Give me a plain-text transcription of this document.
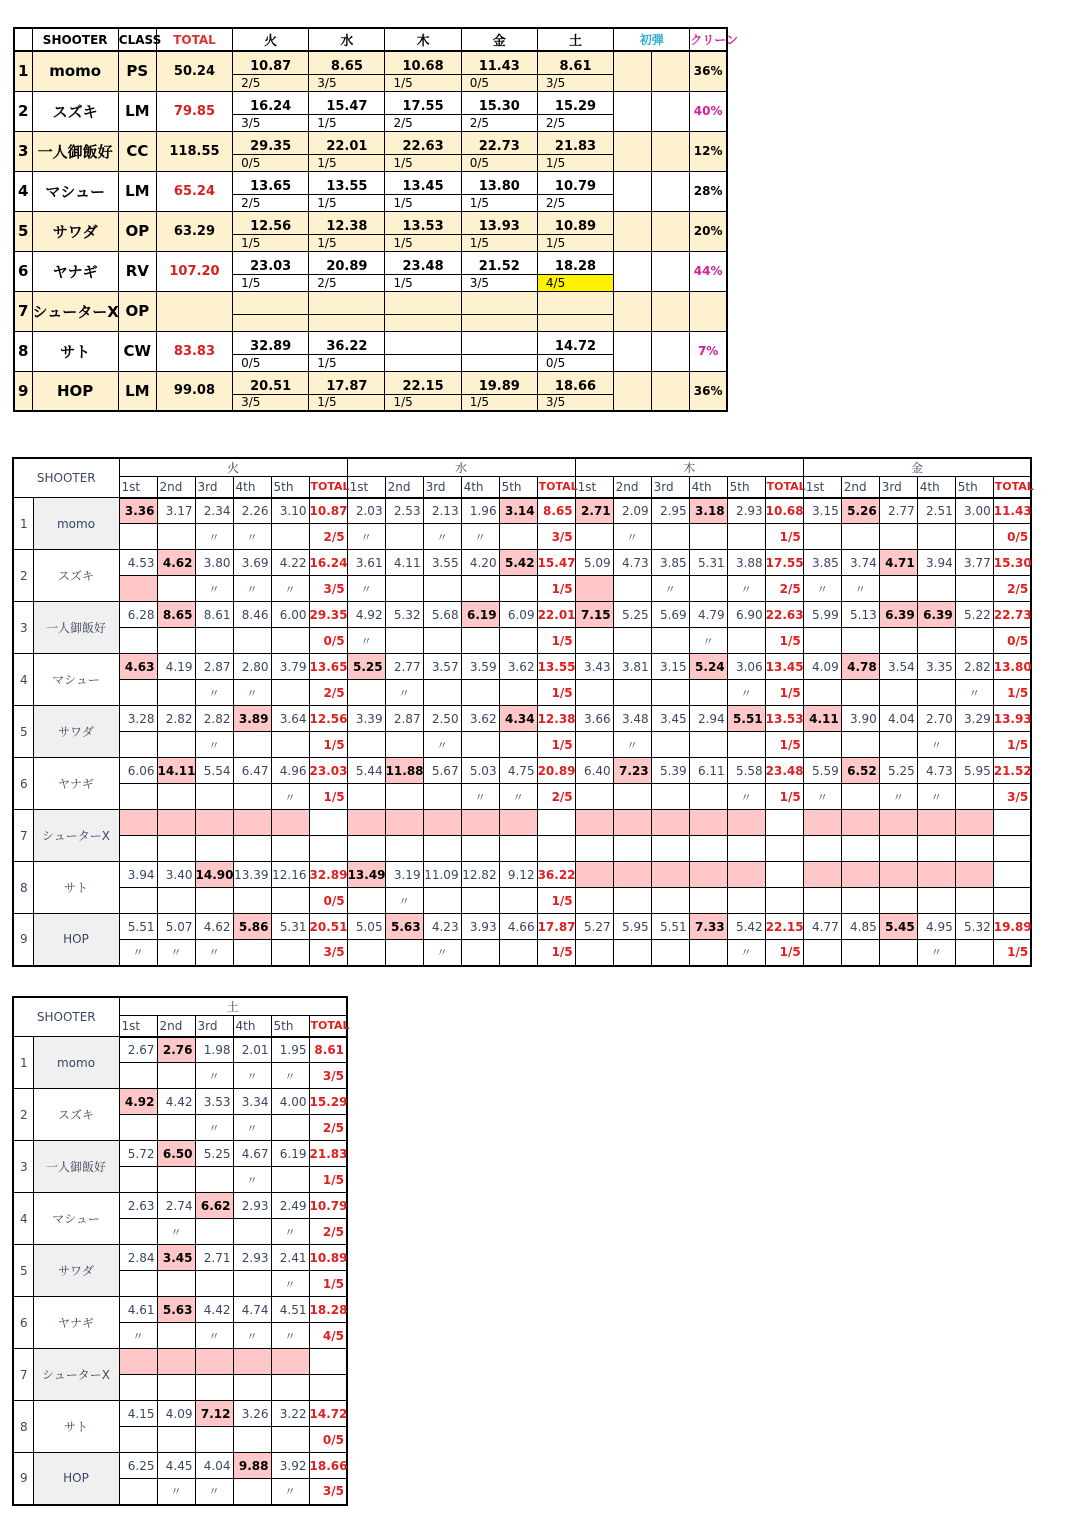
	SHOOTER	CLASS	TOTAL	火	水	木	金	土	初弾		クリーン
1	momo	PS	50.24	10.87	8.65	10.68	11.43	8.61			36%
				2/5	3/5	1/5	0/5	3/5			
2	スズキ	LM	79.85	16.24	15.47	17.55	15.30	15.29			40%
				3/5	1/5	2/5	2/5	2/5			
3	一人御飯好	CC	118.55	29.35	22.01	22.63	22.73	21.83			12%
				0/5	1/5	1/5	0/5	1/5			
4	マシュー	LM	65.24	13.65	13.55	13.45	13.80	10.79			28%
				2/5	1/5	1/5	1/5	2/5			
5	サワダ	OP	63.29	12.56	12.38	13.53	13.93	10.89			20%
				1/5	1/5	1/5	1/5	1/5			
6	ヤナギ	RV	107.20	23.03	20.89	23.48	21.52	18.28			44%
				1/5	2/5	1/5	3/5	4/5			
7	シューターX	OP									

8	サト	CW	83.83	32.89	36.22			14.72			7%
				0/5	1/5			0/5			
9	HOP	LM	99.08	20.51	17.87	22.15	19.89	18.66			36%
				3/5	1/5	1/5	1/5	3/5			
SHOOTER		火						水						木						金					
		1st	2nd	3rd	4th	5th	TOTAL	1st	2nd	3rd	4th	5th	TOTAL	1st	2nd	3rd	4th	5th	TOTAL	1st	2nd	3rd	4th	5th	TOTAL
1	momo	3.36	3.17	2.34	2.26	3.10	10.87	2.03	2.53	2.13	1.96	3.14	8.65	2.71	2.09	2.95	3.18	2.93	10.68	3.15	5.26	2.77	2.51	3.00	11.43
				〃	〃		2/5	〃		〃	〃		3/5		〃				1/5						0/5
2	スズキ	4.53	4.62	3.80	3.69	4.22	16.24	3.61	4.11	3.55	4.20	5.42	15.47	5.09	4.73	3.85	5.31	3.88	17.55	3.85	3.74	4.71	3.94	3.77	15.30
				〃	〃	〃	3/5	〃					1/5			〃		〃	2/5	〃	〃				2/5
3	一人御飯好	6.28	8.65	8.61	8.46	6.00	29.35	4.92	5.32	5.68	6.19	6.09	22.01	7.15	5.25	5.69	4.79	6.90	22.63	5.99	5.13	6.39	6.39	5.22	22.73
							0/5	〃					1/5				〃		1/5						0/5
4	マシュー	4.63	4.19	2.87	2.80	3.79	13.65	5.25	2.77	3.57	3.59	3.62	13.55	3.43	3.81	3.15	5.24	3.06	13.45	4.09	4.78	3.54	3.35	2.82	13.80
				〃	〃		2/5		〃				1/5					〃	1/5					〃	1/5
5	サワダ	3.28	2.82	2.82	3.89	3.64	12.56	3.39	2.87	2.50	3.62	4.34	12.38	3.66	3.48	3.45	2.94	5.51	13.53	4.11	3.90	4.04	2.70	3.29	13.93
				〃			1/5			〃			1/5		〃				1/5				〃		1/5
6	ヤナギ	6.06	14.11	5.54	6.47	4.96	23.03	5.44	11.88	5.67	5.03	4.75	20.89	6.40	7.23	5.39	6.11	5.58	23.48	5.59	6.52	5.25	4.73	5.95	21.52
						〃	1/5				〃	〃	2/5					〃	1/5	〃		〃	〃		3/5
7	シューターX																								

8	サト	3.94	3.40	14.90	13.39	12.16	32.89	13.49	3.19	11.09	12.82	9.12	36.22												
							0/5		〃				1/5												
9	HOP	5.51	5.07	4.62	5.86	5.31	20.51	5.05	5.63	4.23	3.93	4.66	17.87	5.27	5.95	5.51	7.33	5.42	22.15	4.77	4.85	5.45	4.95	5.32	19.89
		〃	〃	〃			3/5			〃			1/5					〃	1/5				〃		1/5
SHOOTER		土					
		1st	2nd	3rd	4th	5th	TOTAL
1	momo	2.67	2.76	1.98	2.01	1.95	8.61
				〃	〃	〃	3/5
2	スズキ	4.92	4.42	3.53	3.34	4.00	15.29
				〃	〃		2/5
3	一人御飯好	5.72	6.50	5.25	4.67	6.19	21.83
					〃		1/5
4	マシュー	2.63	2.74	6.62	2.93	2.49	10.79
			〃			〃	2/5
5	サワダ	2.84	3.45	2.71	2.93	2.41	10.89
						〃	1/5
6	ヤナギ	4.61	5.63	4.42	4.74	4.51	18.28
		〃		〃	〃	〃	4/5
7	シューターX						

8	サト	4.15	4.09	7.12	3.26	3.22	14.72
							0/5
9	HOP	6.25	4.45	4.04	9.88	3.92	18.66
			〃	〃		〃	3/5
